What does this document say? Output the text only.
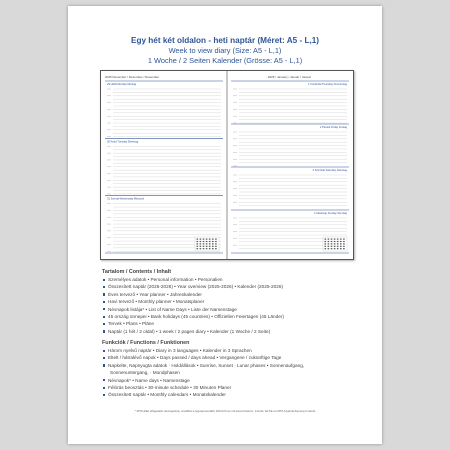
Egy hét két oldalon - heti naptár (Méret: A5 - L,1)
Week to view diary (Size: A5 - L,1)
1 Woche / 2 Seiten Kalender (Grösse: A5 - L,1)
2025 December / Dezember / December	2026 / January / Január / Januar
29 Hétfő Monday Montag
30 Kedd Tuesday Dienstag
31 Szerda Wednesday Mittwoch
1 Csütörtök Thursday Donnerstag
2 Péntek Friday Freitag
3 Szombat Saturday Samstag
4 Vasárnap Sunday Sonntag
Tartalom / Contents / Inhalt
Személyes adatok • Personal information • Personalien
Összesített naptár (2025-2026) • Year overview (2025-2026) • Kalender (2025-2026)
Éves tervező • Year planner • Jahreskalender
Havi tervező • Monthly planner • Monatsplaner
Névnapok listája* • List of Name Days • Liste der Namenstage
45 ország ünnepei • Bank holidays (45 countries) • Offiziellen Feiertagen (45 Länder)
Tervek • Plans • Pläne
Naptár (1 hét / 2 oldal) • 1 week / 2 pages diary • Kalender (1 Woche / 2 Seite)
Funkciók / Functions / Funktionen
Három nyelvű naptár • Diary in 3 languages • Kalender in 3 Sprachen
Eltelt / hátralévő napok • Days passed / days ahead • Vergangene / zukünftige Tage
Napkelte, Napnyugta adatok · Holdállások • Sunrise, Sunset · Lunar phases • Sonnenaufgang,
Sonnenuntergang, · Mondphasen
Névnapok* • Name days • Namenstage
Félórás beosztás • 30-minute schedule • 30 Minuten Planer
Összesített naptár • Monthly calendars • Monatskalender
* MTA által elfogadott névnapokra, továbbá a legnépszerűbb 100 férfi és női keresztnévre. Forrás: ELTE és MTA Nyelvtudományi Intézet
